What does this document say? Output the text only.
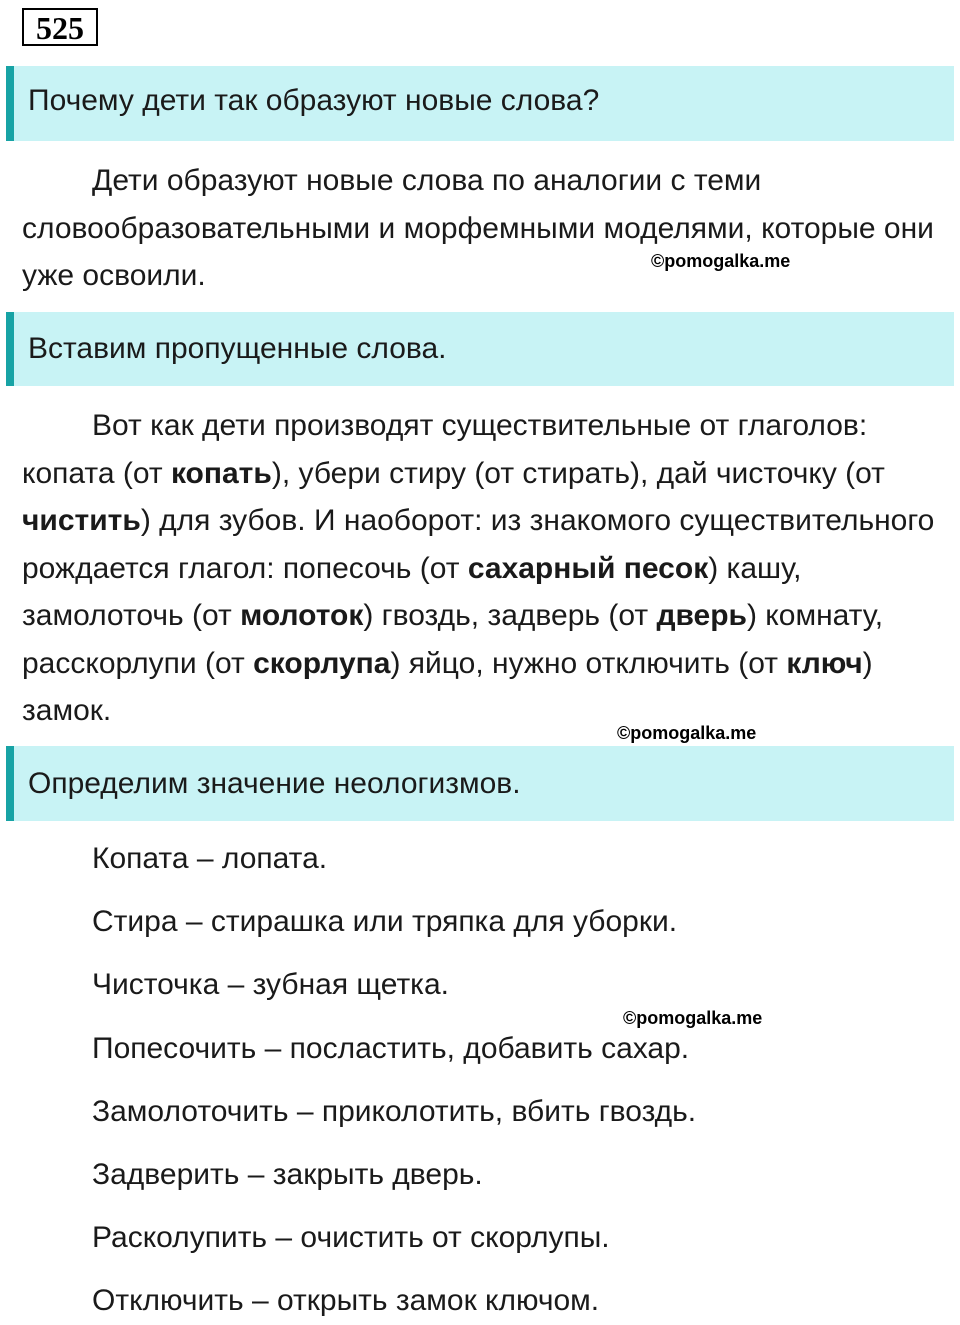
525
Почему дети так образуют новые слова?

Дети образуют новые слова по аналогии с теми словообразовательными и морфемными моделями, которые они уже освоили.	©pomogalka.me
Вставим пропущенные слова.

Вот как дети производят существительные от глаголов: копата (от копать), убери стиру (от стирать), дай чисточку (от чистить) для зубов. И наоборот: из знакомого существительного рождается глагол: попесочь (от сахарный песок) кашу, замолоточь (от молоток) гвоздь, задверь (от дверь) комнату, расскорлупи (от скорлупа) яйцо, нужно отключить (от ключ) замок.

©pomogalka.me
Определим значение неологизмов.

Копата – лопата.

Стира – стирашка или тряпка для уборки.

Чисточка – зубная щетка.

©pomogalka.me

Попесочить – посластить, добавить сахар.

Замолоточить – приколотить, вбить гвоздь.

Задверить – закрыть дверь.

Расколупить – очистить от скорлупы.

Отключить – открыть замок ключом.
